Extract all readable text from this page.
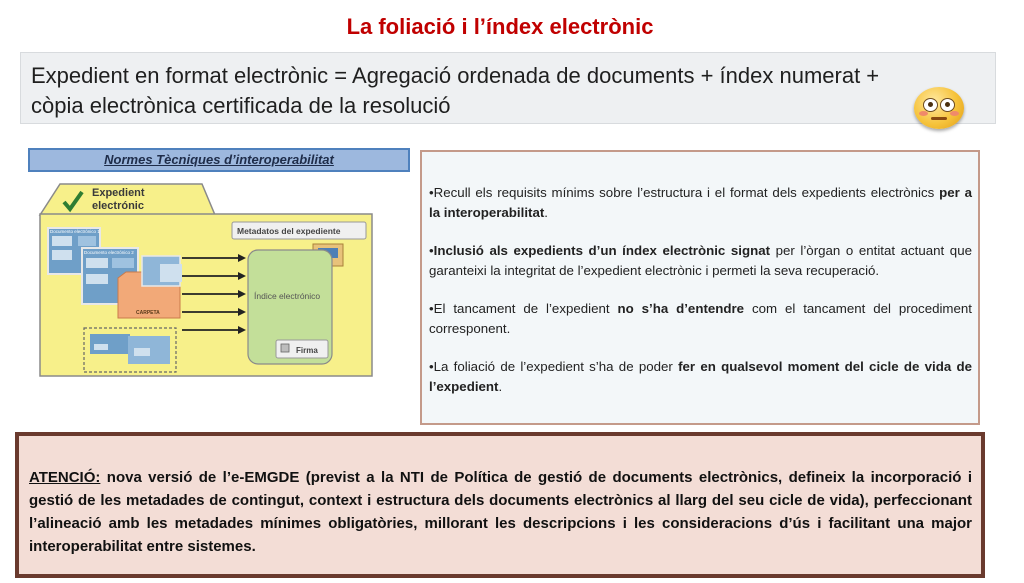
La foliació i l’índex electrònic
Expedient en format electrònic = Agregació ordenada de documents + índex numerat + còpia electrònica certificada de la resolució
Normes Tècniques d’interoperabilitat
Expedient
electrónic
Documento electrónico 1
Documento electrónico 2
CARPETA
Metadatos del expediente
Índice electrónico
Firma
•Recull els requisits mínims sobre l’estructura i el format dels expedients electrònics per a la interoperabilitat.
•Inclusió als expedients d’un índex electrònic signat per l’òrgan o entitat actuant que garanteixi la integritat de l’expedient electrònic i permeti la seva recuperació.
•El tancament de l’expedient no s’ha d’entendre com el tancament del procediment corresponent.
•La foliació de l’expedient s’ha de poder fer en qualsevol moment del cicle de vida de l’expedient.
ATENCIÓ: nova versió de l’e-EMGDE (previst a la NTI de Política de gestió de documents electrònics, defineix la incorporació i gestió de les metadades de contingut, context i estructura dels documents electrònics al llarg del seu cicle de vida), perfeccionant l’alineació amb les metadades mínimes obligatòries, millorant les descripcions i les consideracions d’ús i facilitant una major interoperabilitat entre sistemes.
